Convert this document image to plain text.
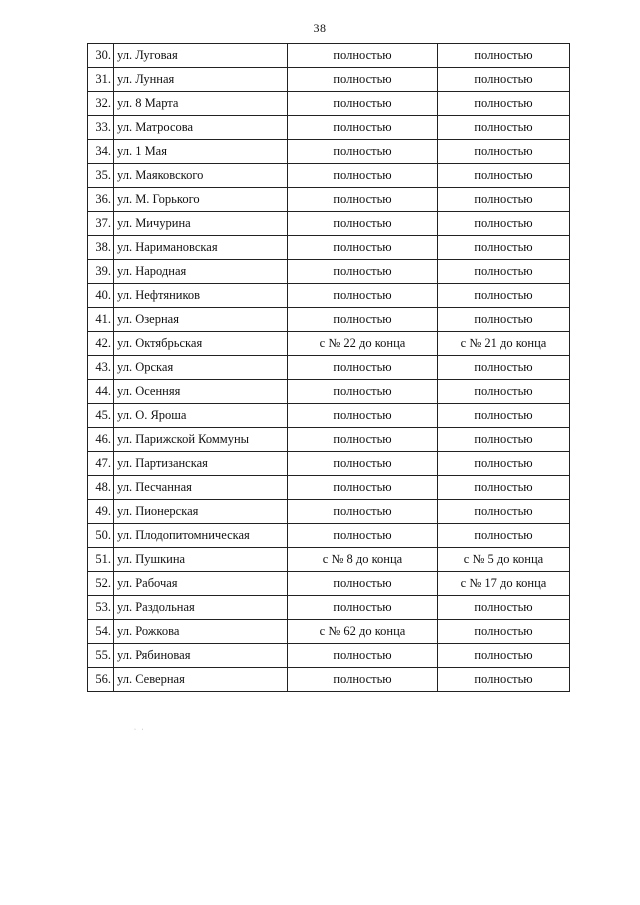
38
30.	ул. Луговая	полностью	полностью
31.	ул. Лунная	полностью	полностью
32.	ул. 8 Марта	полностью	полностью
33.	ул. Матросова	полностью	полностью
34.	ул. 1 Мая	полностью	полностью
35.	ул. Маяковского	полностью	полностью
36.	ул. М. Горького	полностью	полностью
37.	ул. Мичурина	полностью	полностью
38.	ул. Наримановская	полностью	полностью
39.	ул. Народная	полностью	полностью
40.	ул. Нефтяников	полностью	полностью
41.	ул. Озерная	полностью	полностью
42.	ул. Октябрьская	с № 22 до конца	с № 21 до конца
43.	ул. Орская	полностью	полностью
44.	ул. Осенняя	полностью	полностью
45.	ул. О. Яроша	полностью	полностью
46.	ул. Парижской Коммуны	полностью	полностью
47.	ул. Партизанская	полностью	полностью
48.	ул. Песчанная	полностью	полностью
49.	ул. Пионерская	полностью	полностью
50.	ул. Плодопитомническая	полностью	полностью
51.	ул. Пушкина	с № 8 до конца	с № 5 до конца
52.	ул. Рабочая	полностью	с № 17 до конца
53.	ул. Раздольная	полностью	полностью
54.	ул. Рожкова	с № 62 до конца	полностью
55.	ул. Рябиновая	полностью	полностью
56.	ул. Северная	полностью	полностью
· ·
